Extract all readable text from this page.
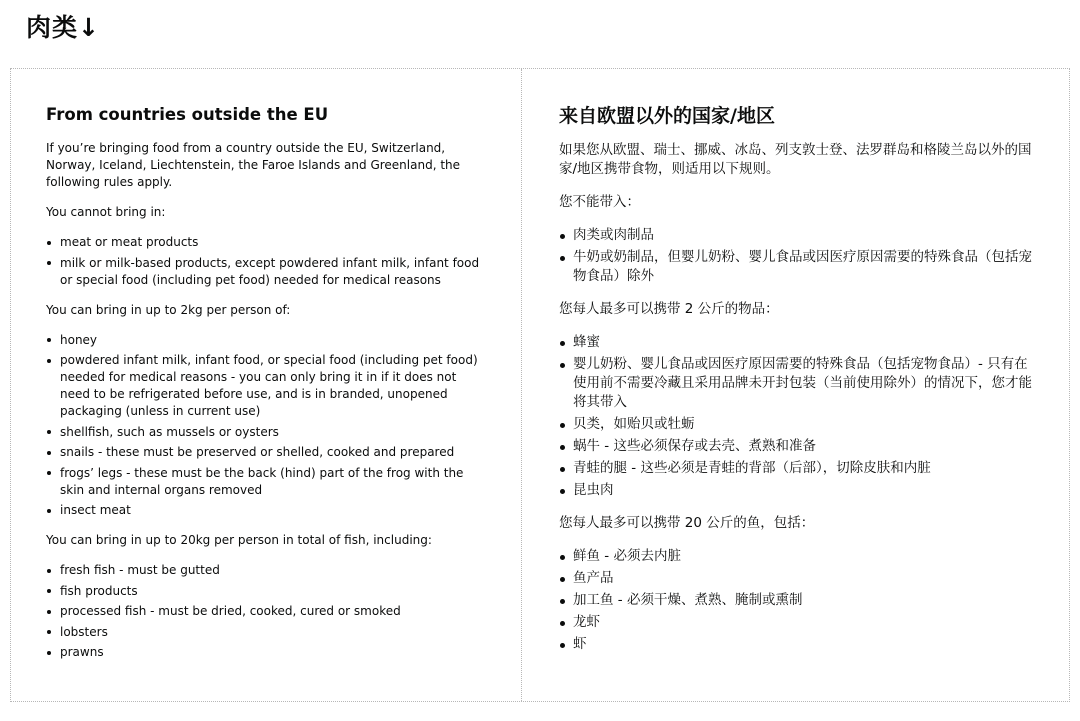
肉类↓
From countries outside the EU

If you’re bringing food from a country outside the EU, Switzerland, Norway, Iceland, Liechtenstein, the Faroe Islands and Greenland, the following rules apply.

You cannot bring in:

meat or meat products
milk or milk-based products, except powdered infant milk, infant food or special food (including pet food) needed for medical reasons

You can bring in up to 2kg per person of:

honey
powdered infant milk, infant food, or special food (including pet food) needed for medical reasons - you can only bring it in if it does not need to be refrigerated before use, and is in branded, unopened packaging (unless in current use)
shellfish, such as mussels or oysters
snails - these must be preserved or shelled, cooked and prepared
frogs’ legs - these must be the back (hind) part of the frog with the skin and internal organs removed
insect meat

You can bring in up to 20kg per person in total of fish, including:

fresh fish - must be gutted
fish products
processed fish - must be dried, cooked, cured or smoked
lobsters
prawns
来自欧盟以外的国家/地区

如果您从欧盟、瑞士、挪威、冰岛、列支敦士登、法罗群岛和格陵兰岛以外的国家/地区携带食物，则适用以下规则。

您不能带入：

肉类或肉制品
牛奶或奶制品，但婴儿奶粉、婴儿食品或因医疗原因需要的特殊食品（包括宠物食品）除外

您每人最多可以携带 2 公斤的物品：

蜂蜜
婴儿奶粉、婴儿食品或因医疗原因需要的特殊食品（包括宠物食品）- 只有在使用前不需要冷藏且采用品牌未开封包装（当前使用除外）的情况下，您才能将其带入
贝类，如贻贝或牡蛎
蜗牛 - 这些必须保存或去壳、煮熟和准备
青蛙的腿 - 这些必须是青蛙的背部（后部），切除皮肤和内脏
昆虫肉

您每人最多可以携带 20 公斤的鱼，包括：

鲜鱼 - 必须去内脏
鱼产品
加工鱼 - 必须干燥、煮熟、腌制或熏制
龙虾
虾
